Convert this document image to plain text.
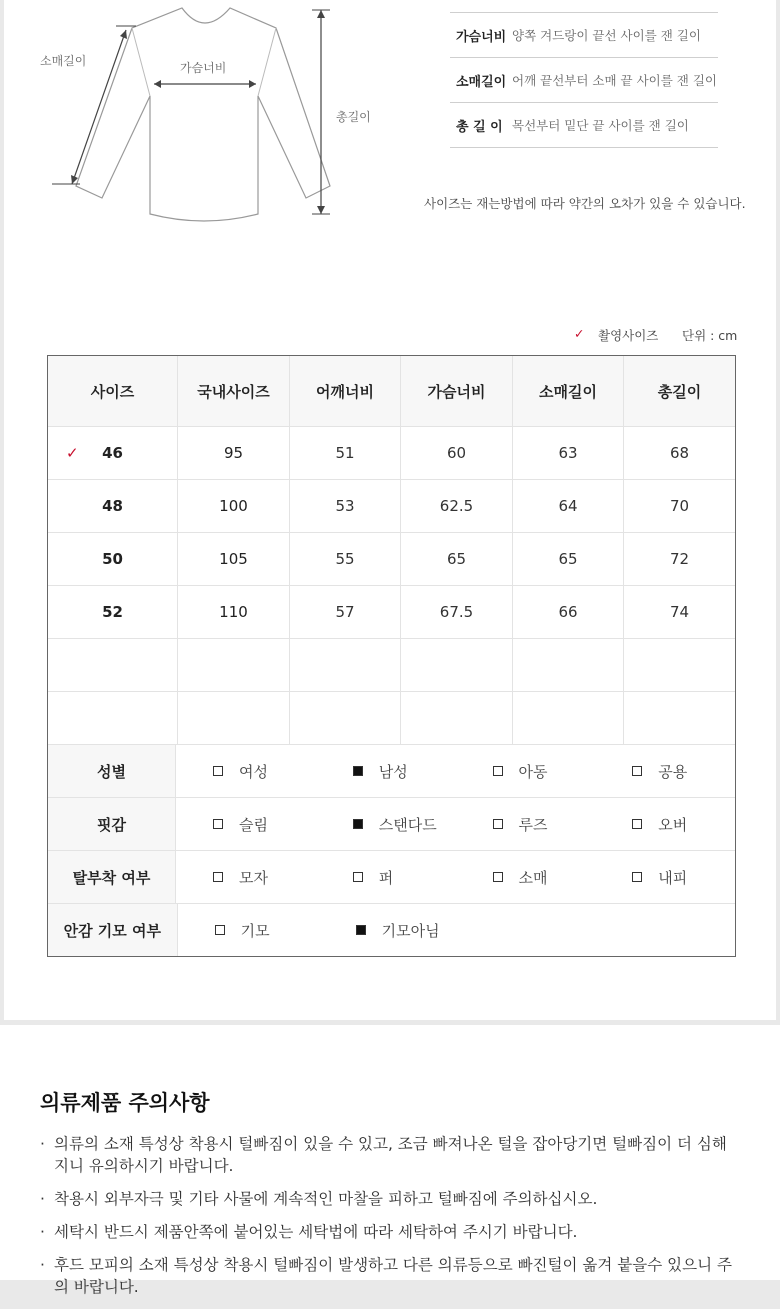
소매길이	가슴너비
총길이
가슴너비 양쪽 겨드랑이 끝선 사이를 잰 길이
소매길이 어깨 끝선부터 소매 끝 사이를 잰 길이
총 길 이 목선부터 밑단 끝 사이를 잰 길이
사이즈는 재는방법에 따라 약간의 오차가 있을 수 있습니다.
✓ 촬영사이즈 단위 : cm
사이즈	국내사이즈	어깨너비	가슴너비	소매길이	총길이
✓ 46	95	51	60	63	68
48	100	53	62.5	64	70
50	105	55	65	65	72
52	110	57	67.5	66	74
성별	여성	남성	아동	공용
핏감	슬림	스탠다드	루즈	오버
탈부착 여부	모자	퍼	소매	내피
안감 기모 여부	기모	기모아님
의류제품 주의사항
· 의류의 소재 특성상 착용시 털빠짐이 있을 수 있고, 조금 빠져나온 털을 잡아당기면 털빠짐이 더 심해지니 유의하시기 바랍니다.
· 착용시 외부자극 및 기타 사물에 계속적인 마찰을 피하고 털빠짐에 주의하십시오.
· 세탁시 반드시 제품안쪽에 붙어있는 세탁법에 따라 세탁하여 주시기 바랍니다.
· 후드 모피의 소재 특성상 착용시 털빠짐이 발생하고 다른 의류등으로 빠진털이 옮겨 붙을수 있으니 주의 바랍니다.
